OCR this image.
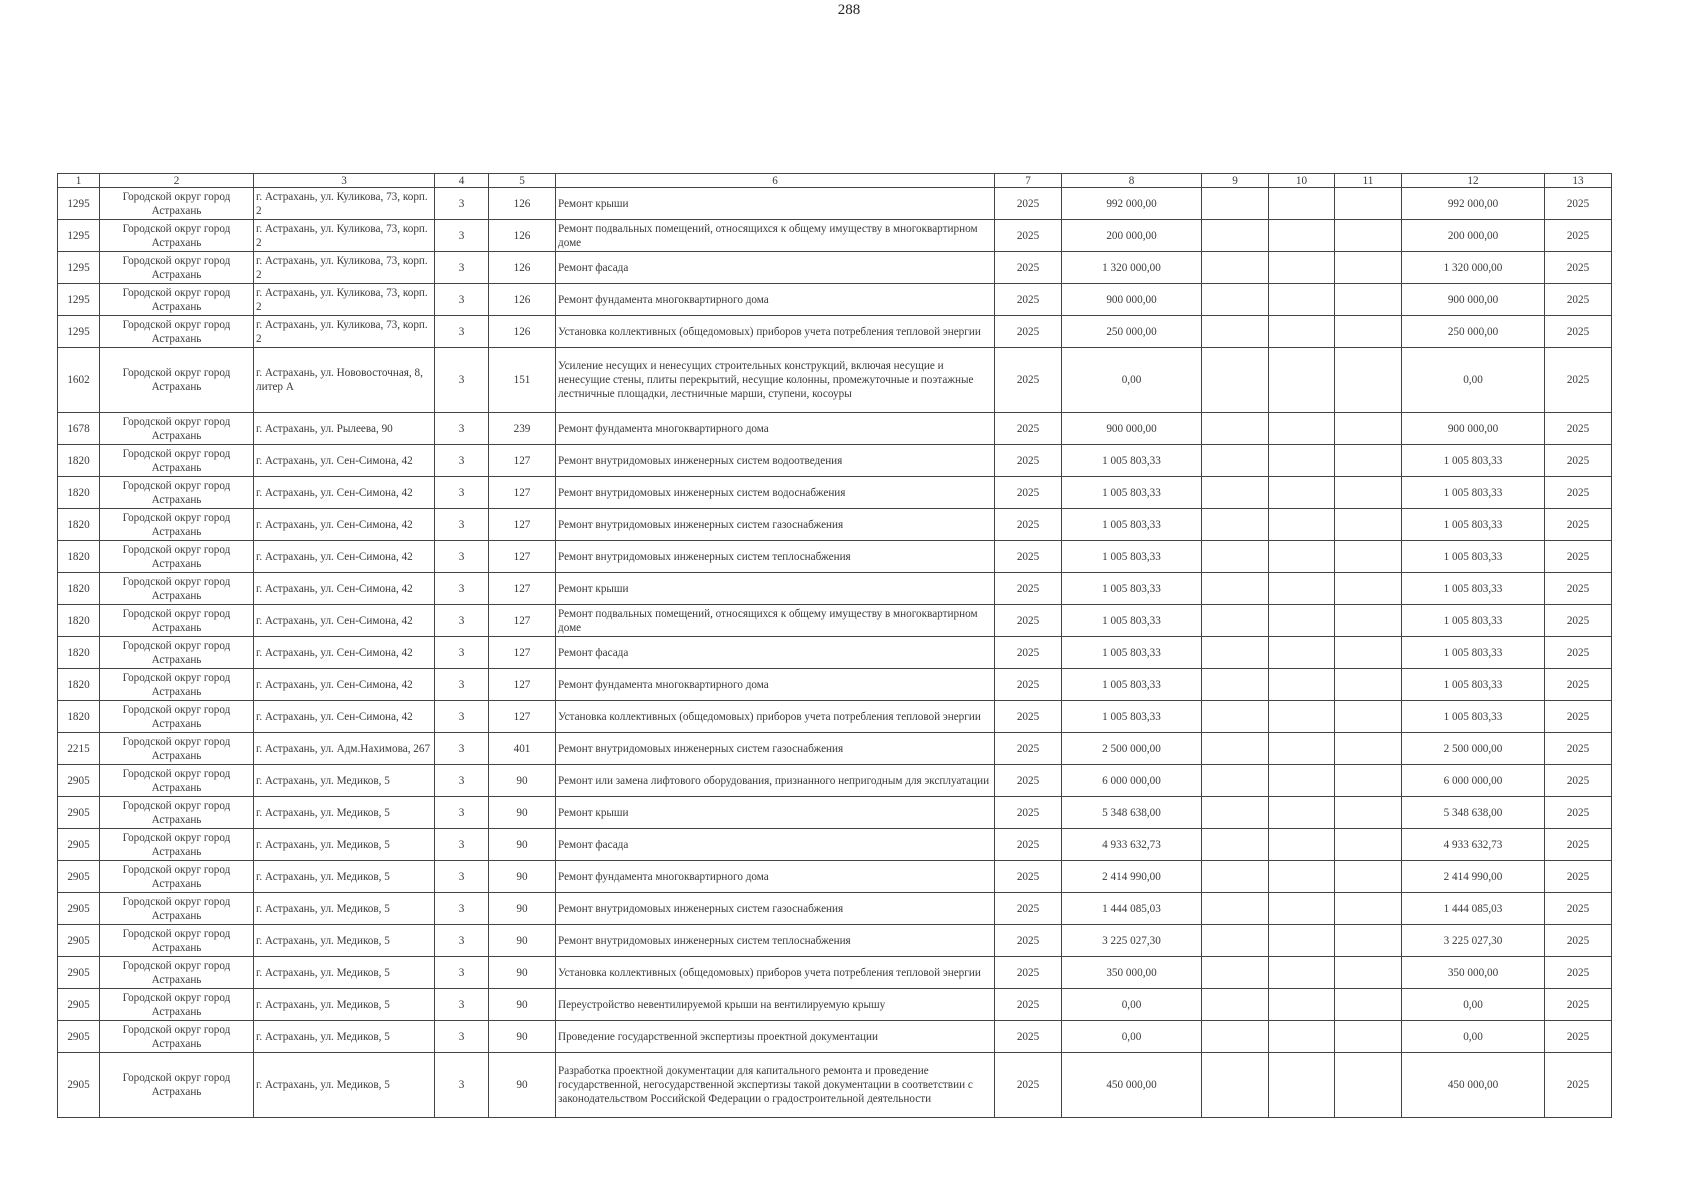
288
1	2	3	4	5	6	7	8	9	10	11	12	13
1295	Городской округ город Астрахань	г. Астрахань, ул. Куликова, 73, корп. 2	3	126	Ремонт крыши	2025	992 000,00				992 000,00	2025
1295	Городской округ город Астрахань	г. Астрахань, ул. Куликова, 73, корп. 2	3	126	Ремонт подвальных помещений, относящихся к общему имуществу в многоквартирном доме	2025	200 000,00				200 000,00	2025
1295	Городской округ город Астрахань	г. Астрахань, ул. Куликова, 73, корп. 2	3	126	Ремонт фасада	2025	1 320 000,00				1 320 000,00	2025
1295	Городской округ город Астрахань	г. Астрахань, ул. Куликова, 73, корп. 2	3	126	Ремонт фундамента многоквартирного дома	2025	900 000,00				900 000,00	2025
1295	Городской округ город Астрахань	г. Астрахань, ул. Куликова, 73, корп. 2	3	126	Установка коллективных (общедомовых) приборов учета потребления тепловой энергии	2025	250 000,00				250 000,00	2025
1602	Городской округ город Астрахань	г. Астрахань, ул. Нововосточная, 8, литер А	3	151	Усиление несущих и ненесущих строительных конструкций, включая несущие и ненесущие стены, плиты перекрытий, несущие колонны, промежуточные и поэтажные лестничные площадки, лестничные марши, ступени, косоуры	2025	0,00				0,00	2025
1678	Городской округ город Астрахань	г. Астрахань, ул. Рылеева, 90	3	239	Ремонт фундамента многоквартирного дома	2025	900 000,00				900 000,00	2025
1820	Городской округ город Астрахань	г. Астрахань, ул. Сен-Симона, 42	3	127	Ремонт внутридомовых инженерных систем водоотведения	2025	1 005 803,33				1 005 803,33	2025
1820	Городской округ город Астрахань	г. Астрахань, ул. Сен-Симона, 42	3	127	Ремонт внутридомовых инженерных систем водоснабжения	2025	1 005 803,33				1 005 803,33	2025
1820	Городской округ город Астрахань	г. Астрахань, ул. Сен-Симона, 42	3	127	Ремонт внутридомовых инженерных систем газоснабжения	2025	1 005 803,33				1 005 803,33	2025
1820	Городской округ город Астрахань	г. Астрахань, ул. Сен-Симона, 42	3	127	Ремонт внутридомовых инженерных систем теплоснабжения	2025	1 005 803,33				1 005 803,33	2025
1820	Городской округ город Астрахань	г. Астрахань, ул. Сен-Симона, 42	3	127	Ремонт крыши	2025	1 005 803,33				1 005 803,33	2025
1820	Городской округ город Астрахань	г. Астрахань, ул. Сен-Симона, 42	3	127	Ремонт подвальных помещений, относящихся к общему имуществу в многоквартирном доме	2025	1 005 803,33				1 005 803,33	2025
1820	Городской округ город Астрахань	г. Астрахань, ул. Сен-Симона, 42	3	127	Ремонт фасада	2025	1 005 803,33				1 005 803,33	2025
1820	Городской округ город Астрахань	г. Астрахань, ул. Сен-Симона, 42	3	127	Ремонт фундамента многоквартирного дома	2025	1 005 803,33				1 005 803,33	2025
1820	Городской округ город Астрахань	г. Астрахань, ул. Сен-Симона, 42	3	127	Установка коллективных (общедомовых) приборов учета потребления тепловой энергии	2025	1 005 803,33				1 005 803,33	2025
2215	Городской округ город Астрахань	г. Астрахань, ул. Адм.Нахимова, 267	3	401	Ремонт внутридомовых инженерных систем газоснабжения	2025	2 500 000,00				2 500 000,00	2025
2905	Городской округ город Астрахань	г. Астрахань, ул. Медиков, 5	3	90	Ремонт или замена лифтового оборудования, признанного непригодным для эксплуатации	2025	6 000 000,00				6 000 000,00	2025
2905	Городской округ город Астрахань	г. Астрахань, ул. Медиков, 5	3	90	Ремонт крыши	2025	5 348 638,00				5 348 638,00	2025
2905	Городской округ город Астрахань	г. Астрахань, ул. Медиков, 5	3	90	Ремонт фасада	2025	4 933 632,73				4 933 632,73	2025
2905	Городской округ город Астрахань	г. Астрахань, ул. Медиков, 5	3	90	Ремонт фундамента многоквартирного дома	2025	2 414 990,00				2 414 990,00	2025
2905	Городской округ город Астрахань	г. Астрахань, ул. Медиков, 5	3	90	Ремонт внутридомовых инженерных систем газоснабжения	2025	1 444 085,03				1 444 085,03	2025
2905	Городской округ город Астрахань	г. Астрахань, ул. Медиков, 5	3	90	Ремонт внутридомовых инженерных систем теплоснабжения	2025	3 225 027,30				3 225 027,30	2025
2905	Городской округ город Астрахань	г. Астрахань, ул. Медиков, 5	3	90	Установка коллективных (общедомовых) приборов учета потребления тепловой энергии	2025	350 000,00				350 000,00	2025
2905	Городской округ город Астрахань	г. Астрахань, ул. Медиков, 5	3	90	Переустройство невентилируемой крыши на вентилируемую крышу	2025	0,00				0,00	2025
2905	Городской округ город Астрахань	г. Астрахань, ул. Медиков, 5	3	90	Проведение государственной экспертизы проектной документации	2025	0,00				0,00	2025
2905	Городской округ город Астрахань	г. Астрахань, ул. Медиков, 5	3	90	Разработка проектной документации для капитального ремонта и проведение государственной, негосударственной экспертизы такой документации в соответствии с законодательством Российской Федерации о градостроительной деятельности	2025	450 000,00				450 000,00	2025
